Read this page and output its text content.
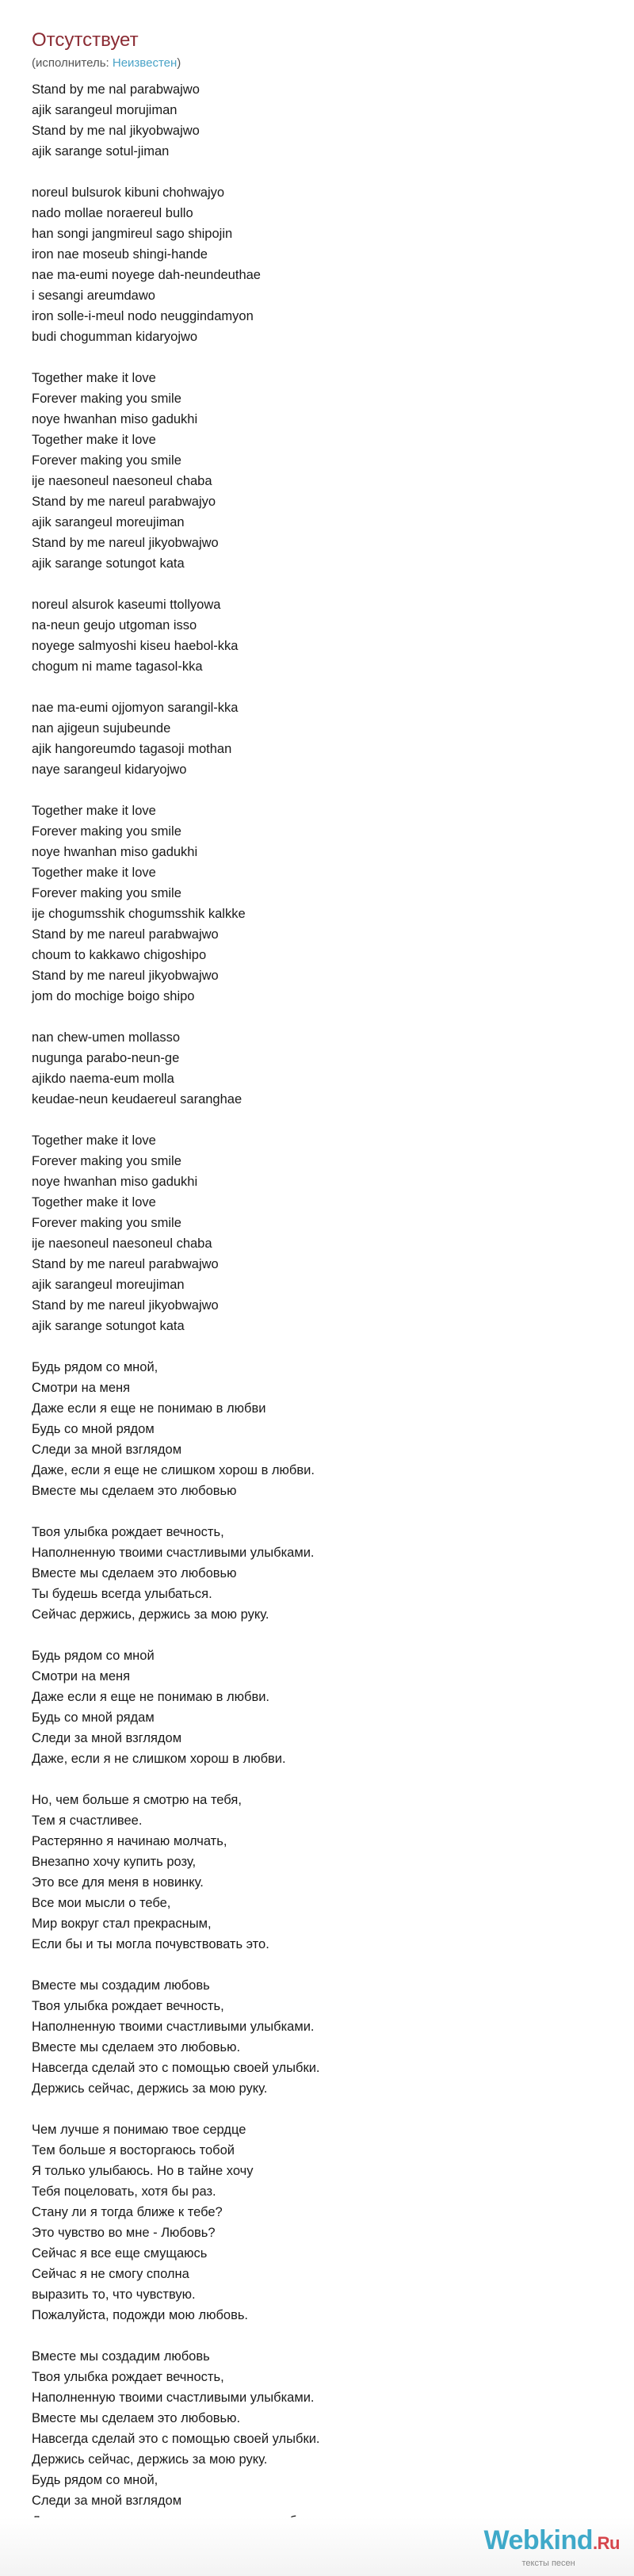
Отсутствует
(исполнитель: Неизвестен)
Stand by me nal parabwajwo
ajik sarangeul morujiman
Stand by me nal jikyobwajwo
ajik sarange sotul-jiman
noreul bulsurok kibuni chohwajyo
nado mollae noraereul bullo
han songi jangmireul sago shipojin
iron nae moseub shingi-hande
nae ma-eumi noyege dah-neundeuthae
i sesangi areumdawo
iron solle-i-meul nodo neuggindamyon
budi chogumman kidaryojwo
Together make it love
Forever making you smile
noye hwanhan miso gadukhi
Together make it love
Forever making you smile
ije naesoneul naesoneul chaba
Stand by me nareul parabwajyo
ajik sarangeul moreujiman
Stand by me nareul jikyobwajwo
ajik sarange sotungot kata
noreul alsurok kaseumi ttollyowa
na-neun geujo utgoman isso
noyege salmyoshi kiseu haebol-kka
chogum ni mame tagasol-kka
nae ma-eumi ojjomyon sarangil-kka
nan ajigeun sujubeunde
ajik hangoreumdo tagasoji mothan
naye sarangeul kidaryojwo
Together make it love
Forever making you smile
noye hwanhan miso gadukhi
Together make it love
Forever making you smile
ije chogumsshik chogumsshik kalkke
Stand by me nareul parabwajwo
choum to kakkawo chigoshipo
Stand by me nareul jikyobwajwo
jom do mochige boigo shipo
nan chew-umen mollasso
nugunga parabo-neun-ge
ajikdo naema-eum molla
keudae-neun keudaereul saranghae
Together make it love
Forever making you smile
noye hwanhan miso gadukhi
Together make it love
Forever making you smile
ije naesoneul naesoneul chaba
Stand by me nareul parabwajwo
ajik sarangeul moreujiman
Stand by me nareul jikyobwajwo
ajik sarange sotungot kata
Будь рядом со мной,
Смотри на меня
Даже если я еще не понимаю в любви
Будь со мной рядом
Следи за мной взглядом
Даже, если я еще не слишком хорош в любви.
Вместе мы сделаем это любовью
Твоя улыбка рождает вечность,
Наполненную твоими счастливыми улыбками.
Вместе мы сделаем это любовью
Ты будешь всегда улыбаться.
Сейчас держись, держись за мою руку.
Будь рядом со мной
Смотри на меня
Даже если я еще не понимаю в любви.
Будь со мной рядам
Следи за мной взглядом
Даже, если я не слишком хорош в любви.
Но, чем больше я смотрю на тебя,
Тем я счастливее.
Растерянно я начинаю молчать,
Внезапно хочу купить розу,
Это все для меня в новинку.
Все мои мысли о тебе,
Мир вокруг стал прекрасным,
Если бы и ты могла почувствовать это.
Вместе мы создадим любовь
Твоя улыбка рождает вечность,
Наполненную твоими счастливыми улыбками.
Вместе мы сделаем это любовью.
Навсегда сделай это с помощью своей улыбки.
Держись сейчас, держись за мою руку.
Чем лучше я понимаю твое сердце
Тем больше я восторгаюсь тобой
Я только улыбаюсь. Но в тайне хочу
Тебя поцеловать, хотя бы раз.
Стану ли я тогда ближе к тебе?
Это чувство во мне - Любовь?
Сейчас я все еще смущаюсь
Сейчас я не смогу сполна
выразить то, что чувствую.
Пожалуйста, подожди мою любовь.
Вместе мы создадим любовь
Твоя улыбка рождает вечность,
Наполненную твоими счастливыми улыбками.
Вместе мы сделаем это любовью.
Навсегда сделай это с помощью своей улыбки.
Держись сейчас, держись за мою руку.
Будь рядом со мной,
Следи за мной взглядом
Webkind.Ru
тексты песен
